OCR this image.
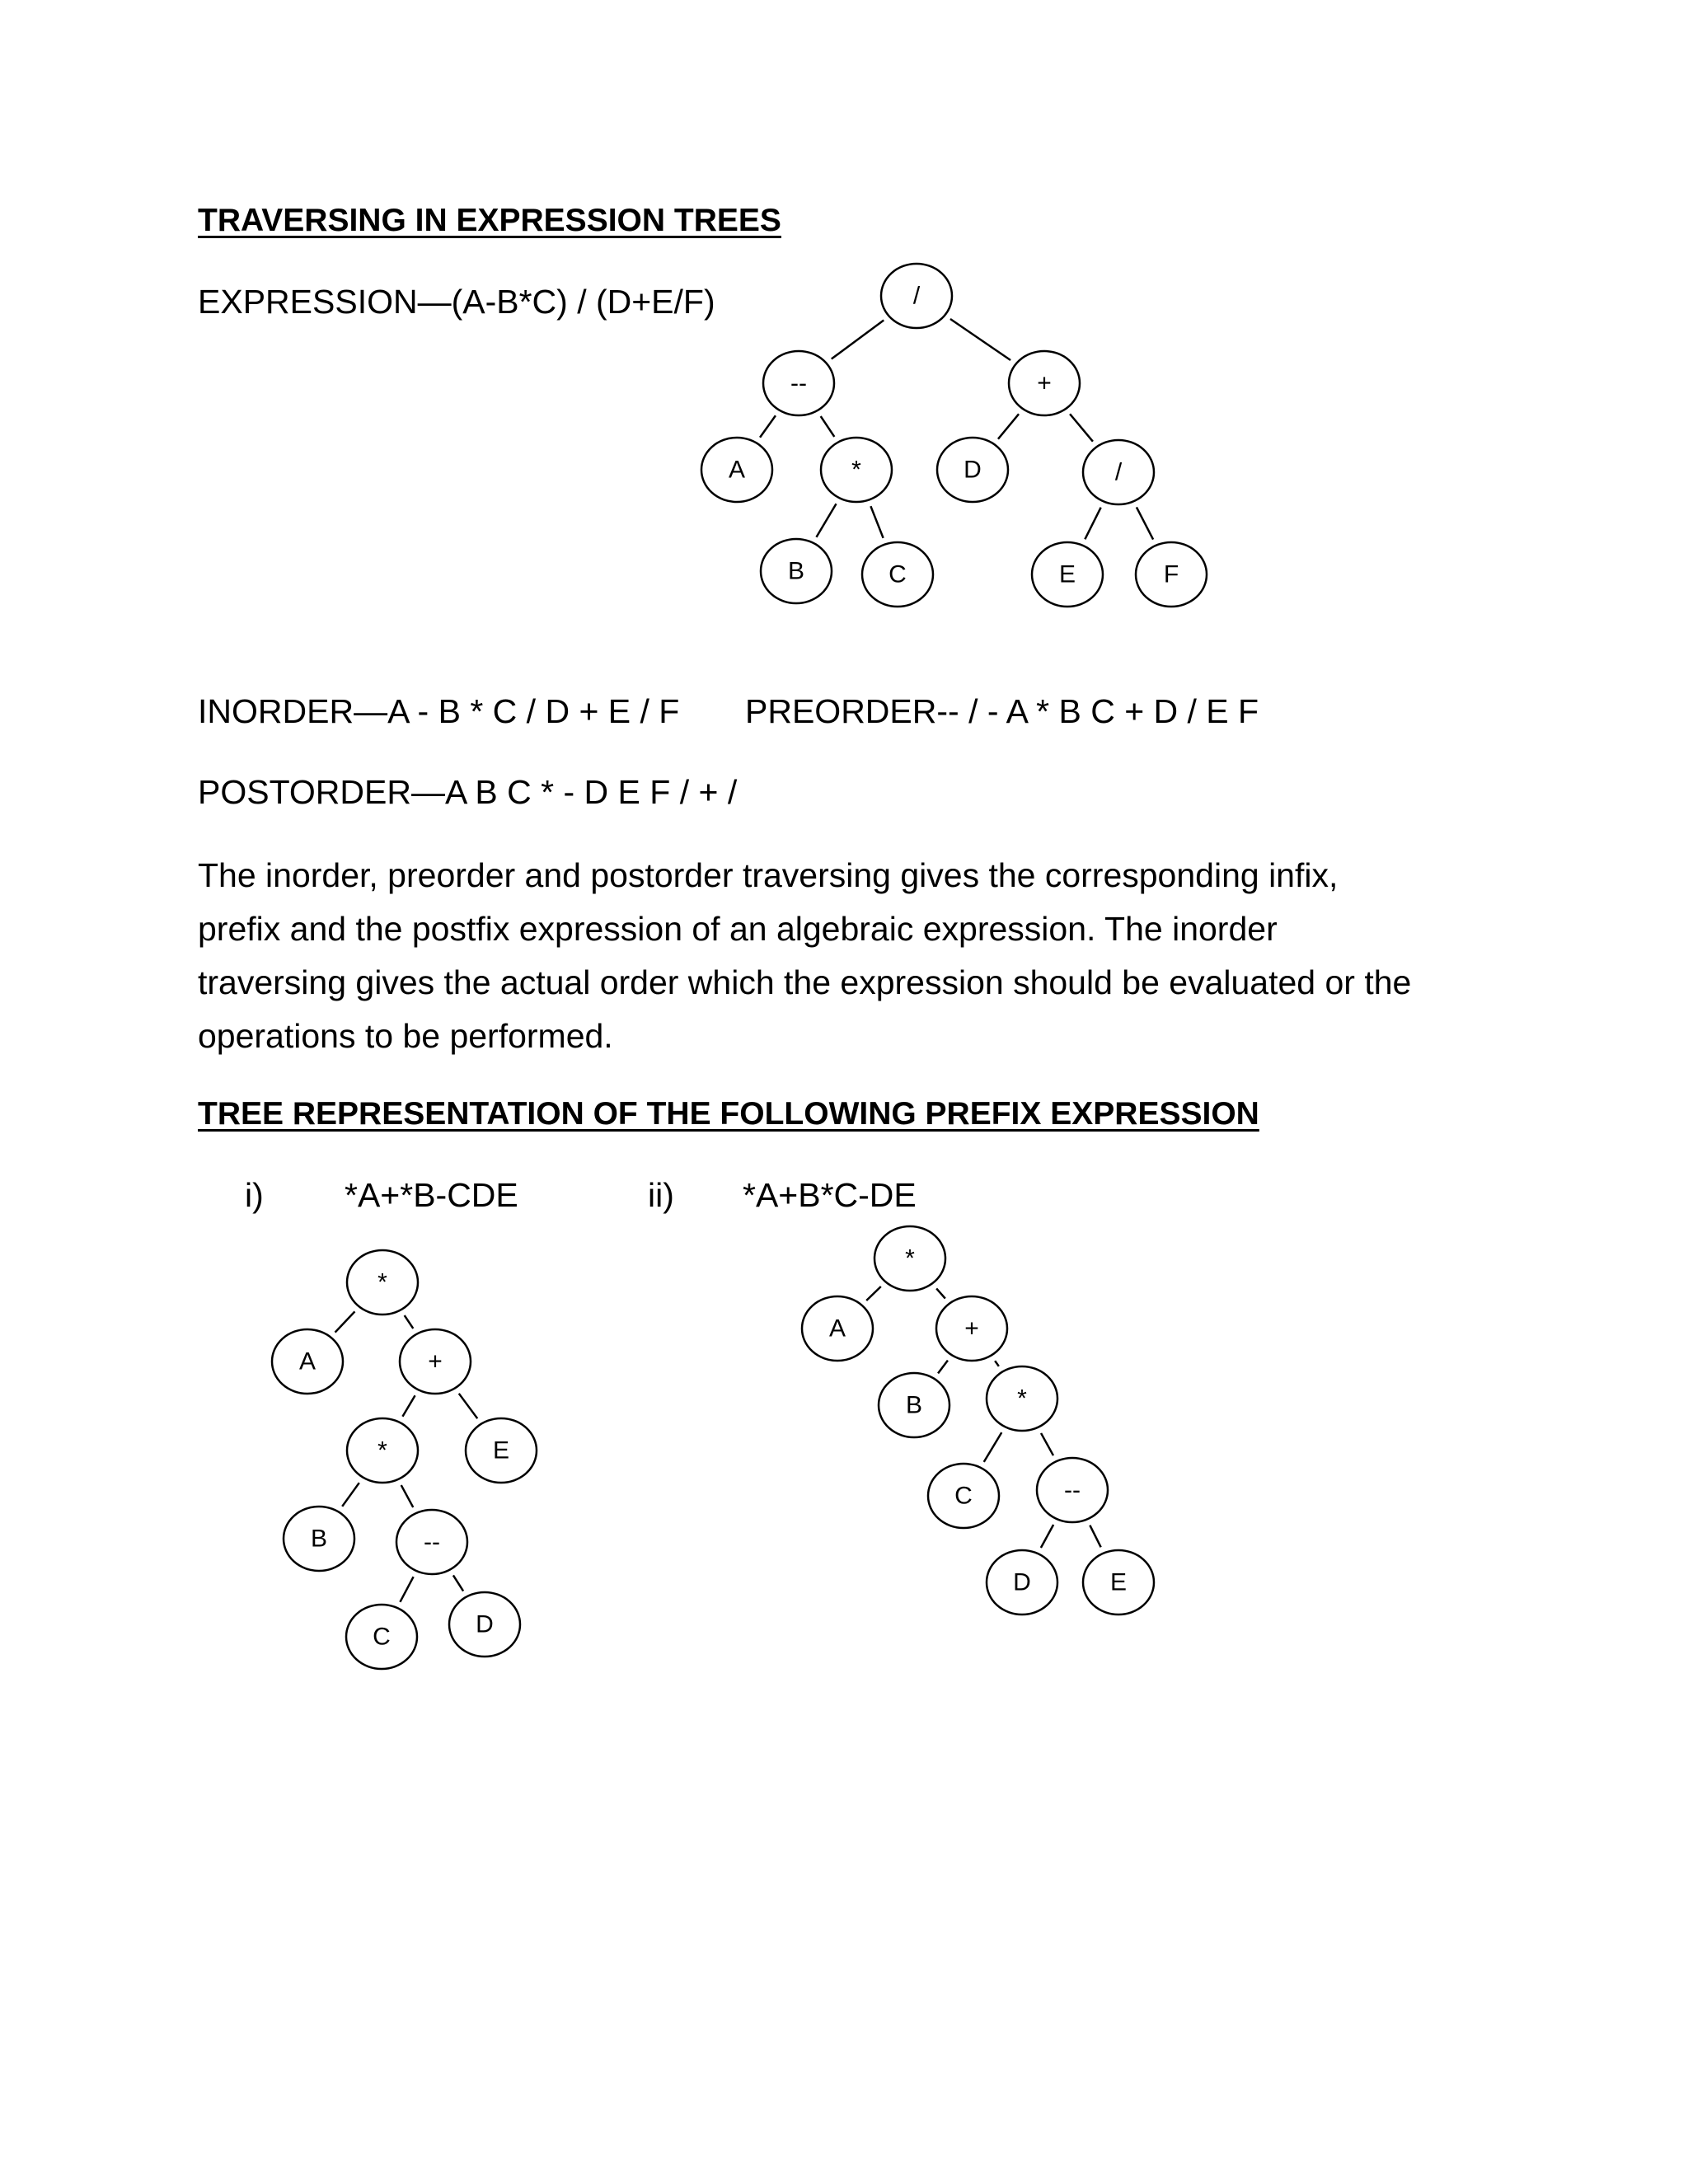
TRAVERSING IN EXPRESSION TREES
EXPRESSION—(A-B*C) / (D+E/F)	/
--	+
A	*	D	/
B	C	E	F
INORDER—A - B * C / D + E / F PREORDER-- / - A * B C + D / E F
POSTORDER—A B C * - D E F / + /
The inorder, preorder and postorder traversing gives the corresponding infix,
prefix and the postfix expression of an algebraic expression. The inorder
traversing gives the actual order which the expression should be evaluated or the
operations to be performed.
TREE REPRESENTATION OF THE FOLLOWING PREFIX EXPRESSION
i) *A+*B-CDE	ii) *A+B*C-DE
*
A	+
*	E
B	--
C	D
*
A	+
B	*
C	--
D	E
